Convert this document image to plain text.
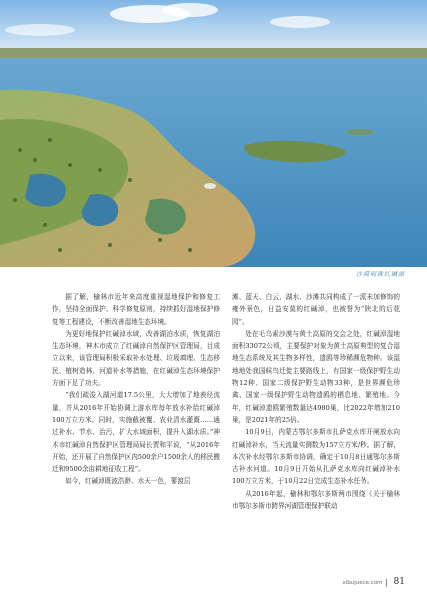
沙漠明珠红碱淖

据了解，榆林市近年来高度重视湿地保护和修复工作，坚持全面保护、科学修复原则，持续抓好湿地保护修复等工程建设，不断改善湿地生态环境。

为更好地保护红碱淖水域，改善湖泊水质，恢复湖泊生态环境，神木市成立了红碱淖自然保护区管理局，目成立以来，该管理局积极采取补水处理、垃圾填埋、生态移民、植树造林、河道补水等措施，在红碱淖生态环境保护方面下足了功夫。

“我们疏浚入湖河道17.5公里，大大增加了地表径流量，并从2016年开始协调上游水库每年放水补给红碱淖100万立方米。同时，实施截被覆、农业清水灌溉……通过补水、节水、治污，扩大水域面积，提升入湖水质。”神木市红碱淖自然保护区管理局局长贾和平说，“从2016年开始，还开展了自然保护区内500余户1500余人的移民搬迁和9500余亩耕地征收工程”。

如今，红碱淖既波浩渺、水天一色，蓼渡层

滩、蓝天、白云、湖水、沙滩共同构成了一派未加修饰的雍外景色，日益安莫的红碱淖，也被誉为“陕北的后花园”。

处在毛乌素沙漠与黄土高原的交会之处，红碱淖湿地面积33072公顷，主要保护对象为黄土高原典型的复合湿地生态系统及其生物多样性，遗鸥等珍稀濒危物种。该湿地地处我国候鸟迁徙主要路线上，有国家一级保护野生动物12种、国家二级保护野生动物33种，是世界濒危珍禽、国家一级保护野生动物遗鸥的栖息地、繁殖地。今年，红碱淖遗鸥繁殖数量达4980巢，比2022年增加210巢，是2021年的25倍。

10月9日，内蒙古鄂尔多斯市扎萨克水库开闸放水向红碱淖补水，当天流量实测数为157立方米/秒。据了解，本次补水经鄂尔多斯市协调，确定于10月8日通鄂尔多斯古补水河道。10月9日开始从扎萨克水库向红碱淖补水100万立方米，于10月22日完成生态补水任务。

从2016年起，榆林和鄂尔多斯两市围绕《关于榆林市鄂尔多斯市跨界河湖管理保护联动

xibujuece.com 81
